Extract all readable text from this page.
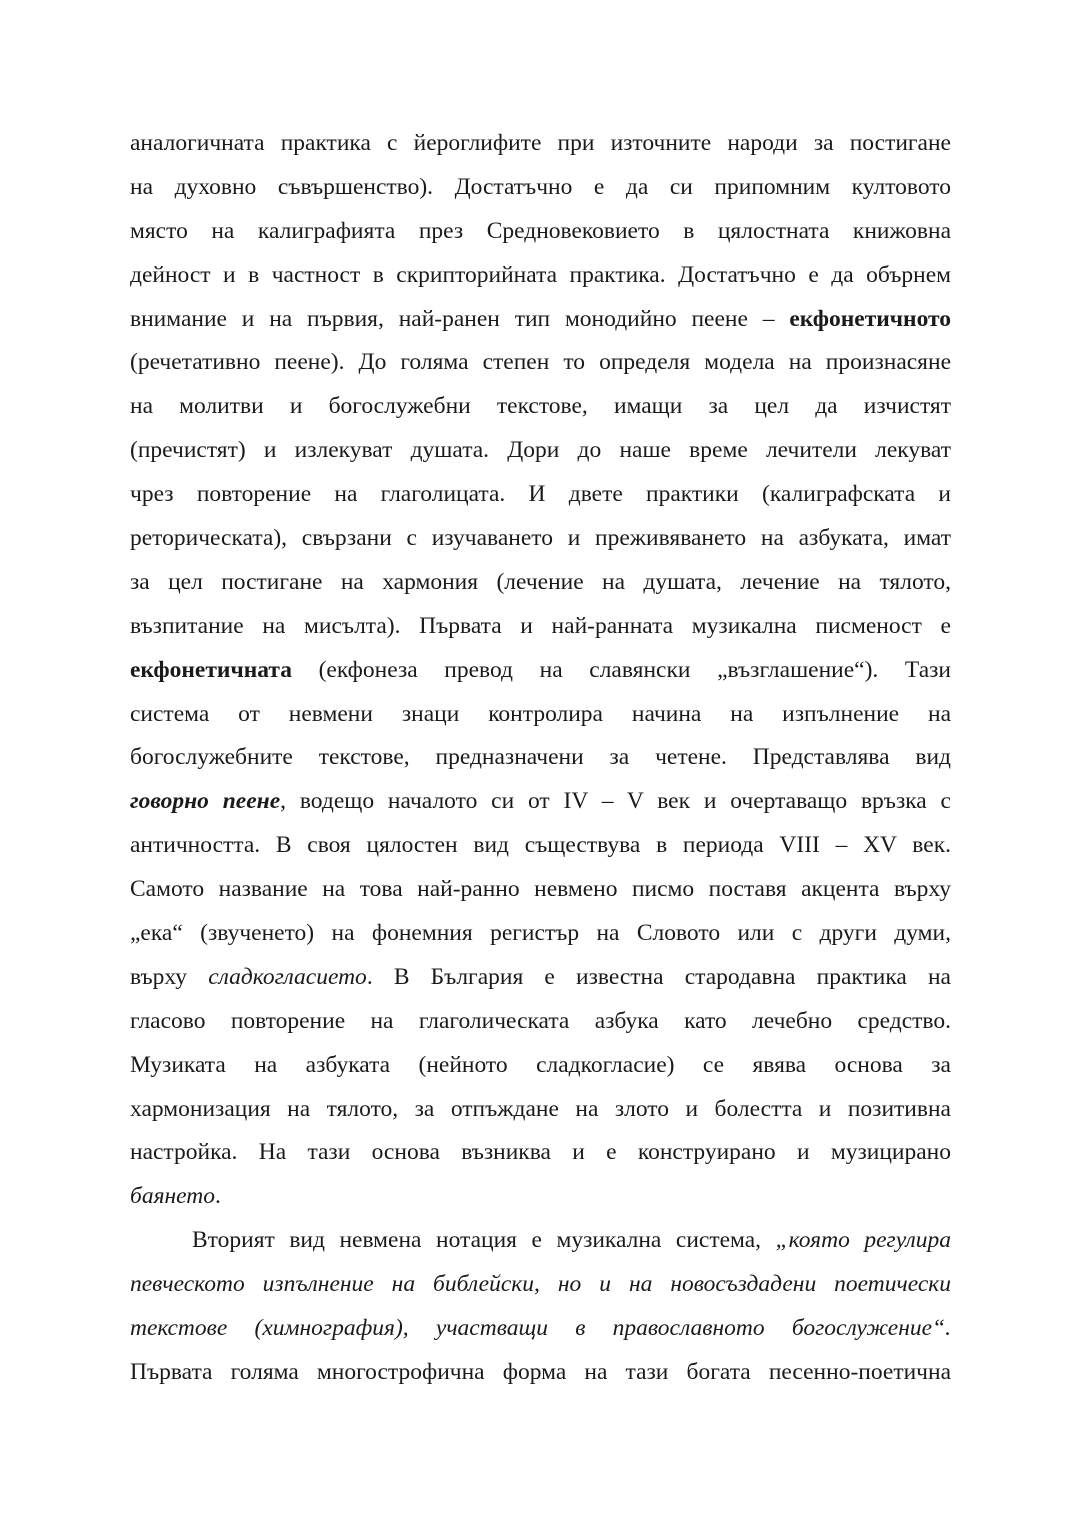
аналогичната практика с йероглифите при източните народи за постигане
на духовно съвършенство). Достатъчно е да си припомним култовото
място на калиграфията през Средновековието в цялостната книжовна
дейност и в частност в скрипторийната практика. Достатъчно е да обърнем
внимание и на първия, най-ранен тип монодийно пеене – екфонетичното
(речетативно пеене). До голяма степен то определя модела на произнасяне
на молитви и богослужебни текстове, имащи за цел да изчистят
(пречистят) и излекуват душата. Дори до наше време лечители лекуват
чрез повторение на глаголицата. И двете практики (калиграфската и
реторическата), свързани с изучаването и преживяването на азбуката, имат
за цел постигане на хармония (лечение на душата, лечение на тялото,
възпитание на мисълта). Първата и най-ранната музикална писменост е
екфонетичната (екфонеза превод на славянски „възглашение“). Тази
система от невмени знаци контролира начина на изпълнение на
богослужебните текстове, предназначени за четене. Представлява вид
говорно пеене, водещо началото си от IV – V век и очертаващо връзка с
античността. В своя цялостен вид съществува в периода VIII – XV век.
Самото название на това най-ранно невмено писмо поставя акцента върху
„ека“ (звученето) на фонемния регистър на Словото или с други думи,
върху сладкогласието. В България е известна стародавна практика на
гласово повторение на глаголическата азбука като лечебно средство.
Музиката на азбуката (нейното сладкогласие) се явява основа за
хармонизация на тялото, за отпъждане на злото и болестта и позитивна
настройка. На тази основа възниква и е конструирано и музицирано
баянето.
Вторият вид невмена нотация е музикална система, „която регулира
певческото изпълнение на библейски, но и на новосъздадени поетически
текстове (химнография), участващи в православното богослужение“.
Първата голяма многострофична форма на тази богата песенно-поетична
